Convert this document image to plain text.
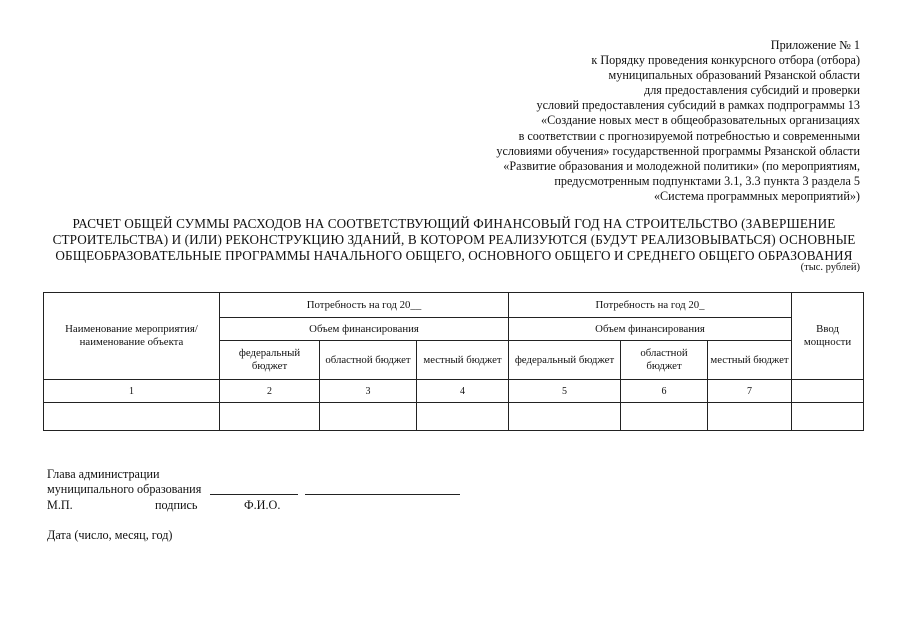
Приложение № 1
к Порядку проведения конкурсного отбора (отбора)
муниципальных образований Рязанской области
для предоставления субсидий и проверки
условий предоставления субсидий в рамках подпрограммы 13
«Создание новых мест в общеобразовательных организациях
в соответствии с прогнозируемой потребностью и современными
условиями обучения» государственной программы Рязанской области
«Развитие образования и молодежной политики» (по мероприятиям,
предусмотренным подпунктами 3.1, 3.3 пункта 3 раздела 5
«Система программных мероприятий»)
РАСЧЕТ ОБЩЕЙ СУММЫ РАСХОДОВ НА СООТВЕТСТВУЮЩИЙ ФИНАНСОВЫЙ ГОД НА СТРОИТЕЛЬСТВО (ЗАВЕРШЕНИЕ
СТРОИТЕЛЬСТВА) И (ИЛИ) РЕКОНСТРУКЦИЮ ЗДАНИЙ, В КОТОРОМ РЕАЛИЗУЮТСЯ (БУДУТ РЕАЛИЗОВЫВАТЬСЯ) ОСНОВНЫЕ
ОБЩЕОБРАЗОВАТЕЛЬНЫЕ ПРОГРАММЫ НАЧАЛЬНОГО ОБЩЕГО, ОСНОВНОГО ОБЩЕГО И СРЕДНЕГО ОБЩЕГО ОБРАЗОВАНИЯ
(тыс. рублей)
Наименование мероприятия/ наименование объекта	Потребность на год 20__			Потребность на год 20_			Ввод мощности
	Объем финансирования			Объем финансирования			
	федеральный бюджет	областной бюджет	местный бюджет	федеральный бюджет	областной бюджет	местный бюджет	
1	2	3	4	5	6	7	

Глава администрации
муниципального образования
М.П.	подпись	Ф.И.О.
Дата (число, месяц, год)
